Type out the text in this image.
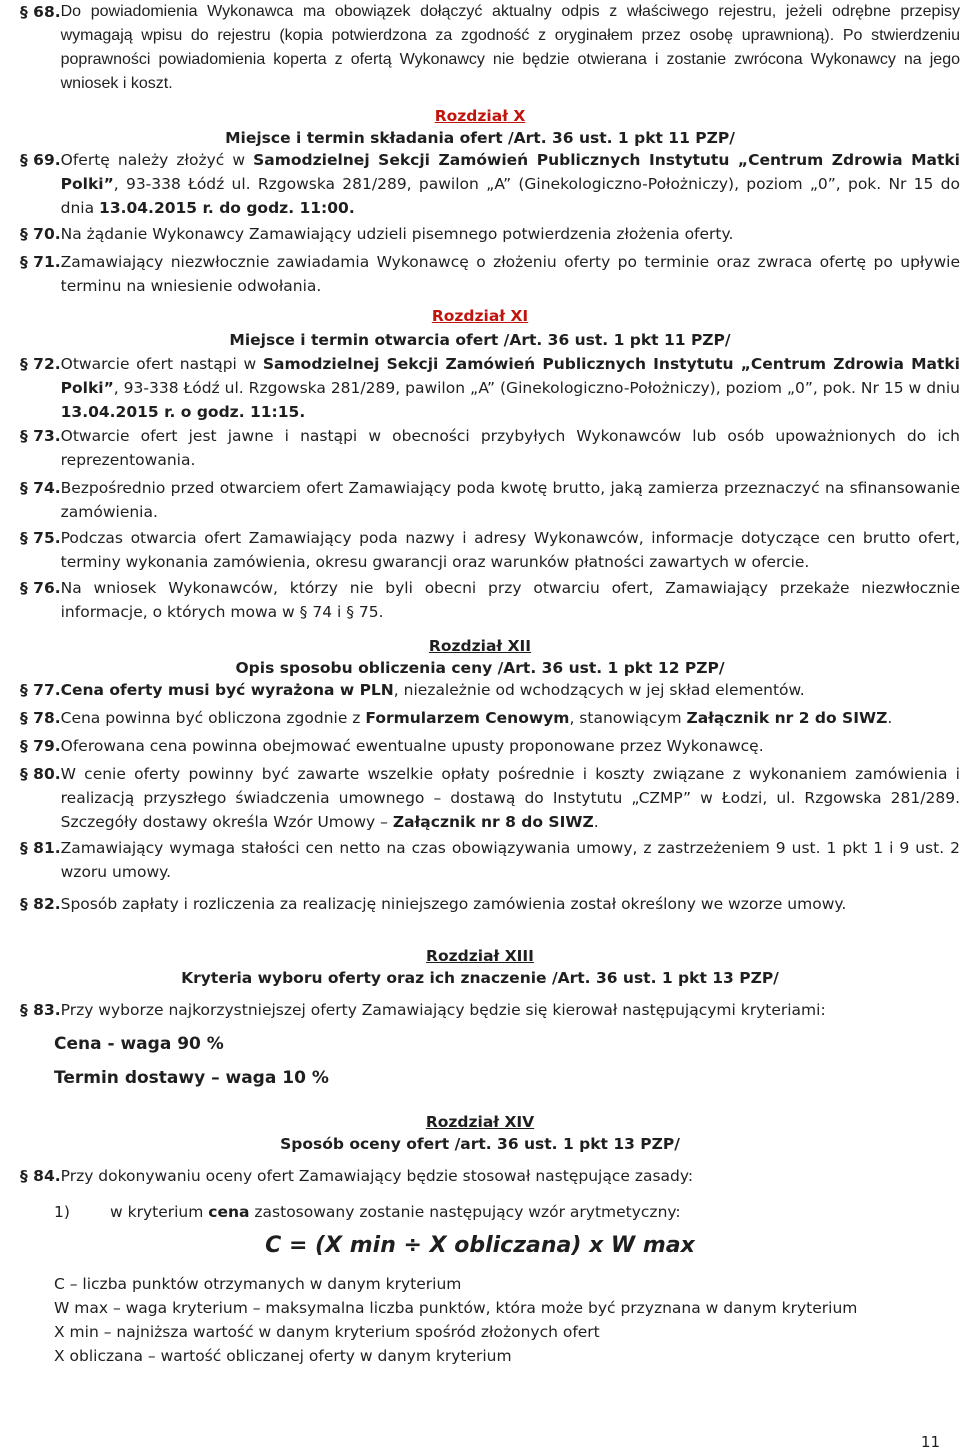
§ 68. Do powiadomienia Wykonawca ma obowiązek dołączyć aktualny odpis z właściwego rejestru, jeżeli odrębne przepisy wymagają wpisu do rejestru (kopia potwierdzona za zgodność z oryginałem przez osobę uprawnioną). Po stwierdzeniu poprawności powiadomienia koperta z ofertą Wykonawcy nie będzie otwierana i zostanie zwrócona Wykonawcy na jego wniosek i koszt.
Rozdział X
Miejsce i termin składania ofert /Art. 36 ust. 1 pkt 11 PZP/
§ 69. Ofertę należy złożyć w Samodzielnej Sekcji Zamówień Publicznych Instytutu „Centrum Zdrowia Matki Polki”, 93-338 Łódź ul. Rzgowska 281/289, pawilon „A” (Ginekologiczno-Położniczy), poziom „0”, pok. Nr 15 do dnia 13.04.2015 r. do godz. 11:00.
§ 70. Na żądanie Wykonawcy Zamawiający udzieli pisemnego potwierdzenia złożenia oferty.
§ 71. Zamawiający niezwłocznie zawiadamia Wykonawcę o złożeniu oferty po terminie oraz zwraca ofertę po upływie terminu na wniesienie odwołania.
Rozdział XI
Miejsce i termin otwarcia ofert /Art. 36 ust. 1 pkt 11 PZP/
§ 72. Otwarcie ofert nastąpi w Samodzielnej Sekcji Zamówień Publicznych Instytutu „Centrum Zdrowia Matki Polki”, 93-338 Łódź ul. Rzgowska 281/289, pawilon „A” (Ginekologiczno-Położniczy), poziom „0”, pok. Nr 15 w dniu 13.04.2015 r. o godz. 11:15.
§ 73. Otwarcie ofert jest jawne i nastąpi w obecności przybyłych Wykonawców lub osób upoważnionych do ich reprezentowania.
§ 74. Bezpośrednio przed otwarciem ofert Zamawiający poda kwotę brutto, jaką zamierza przeznaczyć na sfinansowanie zamówienia.
§ 75. Podczas otwarcia ofert Zamawiający poda nazwy i adresy Wykonawców, informacje dotyczące cen brutto ofert, terminy wykonania zamówienia, okresu gwarancji oraz warunków płatności zawartych w ofercie.
§ 76. Na wniosek Wykonawców, którzy nie byli obecni przy otwarciu ofert, Zamawiający przekaże niezwłocznie informacje, o których mowa w § 74 i § 75.
Rozdział XII
Opis sposobu obliczenia ceny /Art. 36 ust. 1 pkt 12 PZP/
§ 77. Cena oferty musi być wyrażona w PLN, niezależnie od wchodzących w jej skład elementów.
§ 78. Cena powinna być obliczona zgodnie z Formularzem Cenowym, stanowiącym Załącznik nr 2 do SIWZ.
§ 79. Oferowana cena powinna obejmować ewentualne upusty proponowane przez Wykonawcę.
§ 80. W cenie oferty powinny być zawarte wszelkie opłaty pośrednie i koszty związane z wykonaniem zamówienia i realizacją przyszłego świadczenia umownego – dostawą do Instytutu „CZMP” w Łodzi, ul. Rzgowska 281/289. Szczegóły dostawy określa Wzór Umowy – Załącznik nr 8 do SIWZ.
§ 81. Zamawiający wymaga stałości cen netto na czas obowiązywania umowy, z zastrzeżeniem 9 ust. 1 pkt 1 i 9 ust. 2 wzoru umowy.
§ 82. Sposób zapłaty i rozliczenia za realizację niniejszego zamówienia został określony we wzorze umowy.
Rozdział XIII
Kryteria wyboru oferty oraz ich znaczenie /Art. 36 ust. 1 pkt 13 PZP/
§ 83. Przy wyborze najkorzystniejszej oferty Zamawiający będzie się kierował następującymi kryteriami:
Cena - waga 90 %
Termin dostawy – waga 10 %
Rozdział XIV
Sposób oceny ofert /art. 36 ust. 1 pkt 13 PZP/
§ 84. Przy dokonywaniu oceny ofert Zamawiający będzie stosował następujące zasady:
1)	w kryterium cena zastosowany zostanie następujący wzór arytmetyczny:
C = (X min ÷ X obliczana) x W max
C – liczba punktów otrzymanych w danym kryterium
W max – waga kryterium – maksymalna liczba punktów, która może być przyznana w danym kryterium
X min – najniższa wartość w danym kryterium spośród złożonych ofert
X obliczana – wartość obliczanej oferty w danym kryterium
11
